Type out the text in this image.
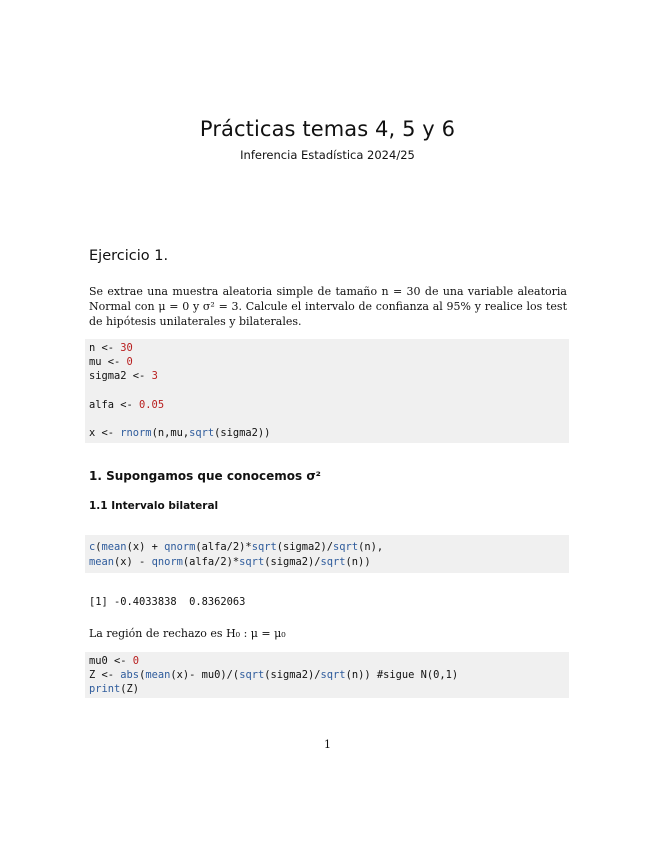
Prácticas temas 4, 5 y 6
Inferencia Estadística 2024/25
Ejercicio 1.
Se extrae una muestra aleatoria simple de tamaño n = 30 de una variable aleatoria Normal con μ = 0 y σ² = 3. Calcule el intervalo de confianza al 95% y realice los test de hipótesis unilaterales y bilaterales.
n <- 30
mu <- 0
sigma2 <- 3
alfa <- 0.05
x <- rnorm(n,mu,sqrt(sigma2))
1. Supongamos que conocemos σ²
1.1 Intervalo bilateral
c(mean(x) + qnorm(alfa/2)*sqrt(sigma2)/sqrt(n),
mean(x) - qnorm(alfa/2)*sqrt(sigma2)/sqrt(n))
[1] -0.4033838  0.8362063
La región de rechazo es H₀ : μ = μ₀
mu0 <- 0
Z <- abs(mean(x)- mu0)/(sqrt(sigma2)/sqrt(n)) #sigue N(0,1)
print(Z)
1
